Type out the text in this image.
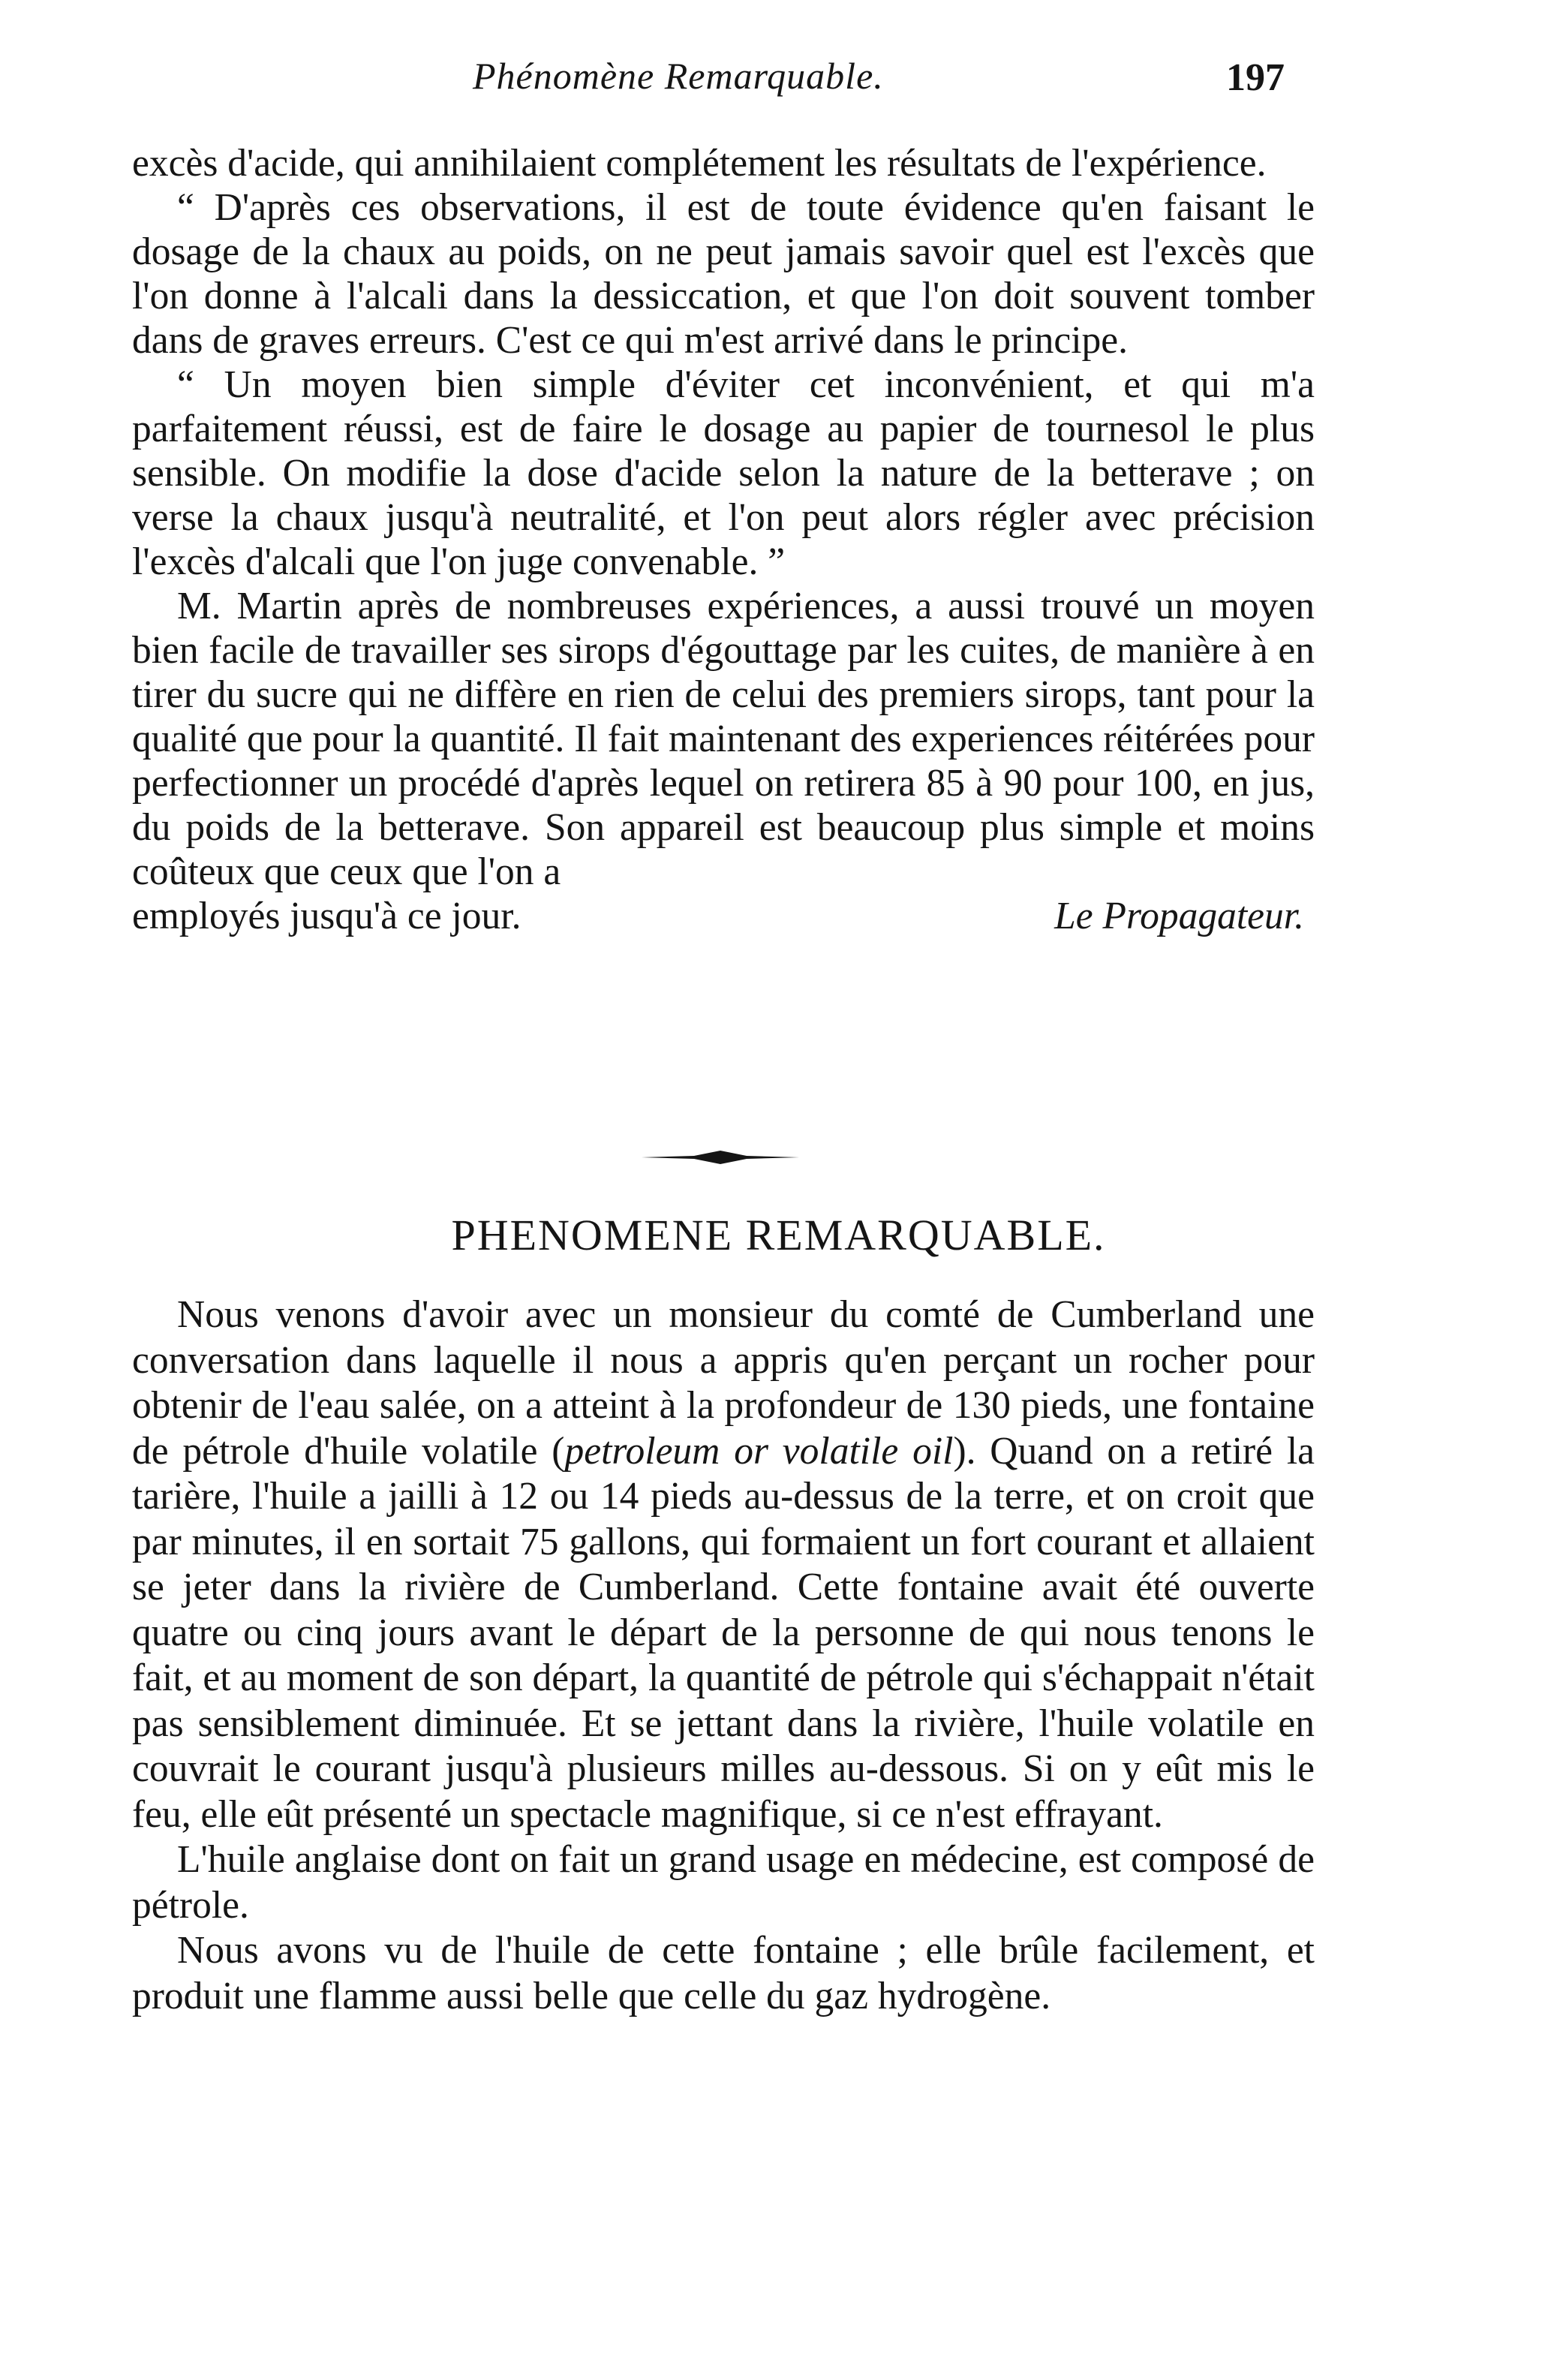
Phénomène Remarquable.	197

excès d'acide, qui annihilaient complétement les résultats de l'expérience.

“ D'après ces observations, il est de toute évidence qu'en faisant le dosage de la chaux au poids, on ne peut jamais savoir quel est l'excès que l'on donne à l'alcali dans la dessiccation, et que l'on doit souvent tomber dans de graves erreurs. C'est ce qui m'est arrivé dans le principe.

“ Un moyen bien simple d'éviter cet inconvénient, et qui m'a parfaitement réussi, est de faire le dosage au papier de tournesol le plus sensible. On modifie la dose d'acide selon la nature de la betterave ; on verse la chaux jusqu'à neutralité, et l'on peut alors régler avec précision l'excès d'alcali que l'on juge convenable. ”

M. Martin après de nombreuses expériences, a aussi trouvé un moyen bien facile de travailler ses sirops d'égouttage par les cuites, de manière à en tirer du sucre qui ne diffère en rien de celui des premiers sirops, tant pour la qualité que pour la quantité. Il fait maintenant des experiences réitérées pour perfectionner un procédé d'après lequel on retirera 85 à 90 pour 100, en jus, du poids de la betterave. Son appareil est beaucoup plus simple et moins coûteux que ceux que l'on a

employés jusqu'à ce jour.	Le Propagateur.

PHENOMENE REMARQUABLE.

Nous venons d'avoir avec un monsieur du comté de Cumberland une conversation dans laquelle il nous a appris qu'en perçant un rocher pour obtenir de l'eau salée, on a atteint à la profondeur de 130 pieds, une fontaine de pétrole d'huile volatile (petroleum or volatile oil). Quand on a retiré la tarière, l'huile a jailli à 12 ou 14 pieds au-dessus de la terre, et on croit que par minutes, il en sortait 75 gallons, qui formaient un fort courant et allaient se jeter dans la rivière de Cumberland. Cette fontaine avait été ouverte quatre ou cinq jours avant le départ de la personne de qui nous tenons le fait, et au moment de son départ, la quantité de pétrole qui s'échappait n'était pas sensiblement diminuée. Et se jettant dans la rivière, l'huile volatile en couvrait le courant jusqu'à plusieurs milles au-dessous. Si on y eût mis le feu, elle eût présenté un spectacle magnifique, si ce n'est effrayant.

L'huile anglaise dont on fait un grand usage en médecine, est composé de pétrole.

Nous avons vu de l'huile de cette fontaine ; elle brûle facilement, et produit une flamme aussi belle que celle du gaz hydrogène.
